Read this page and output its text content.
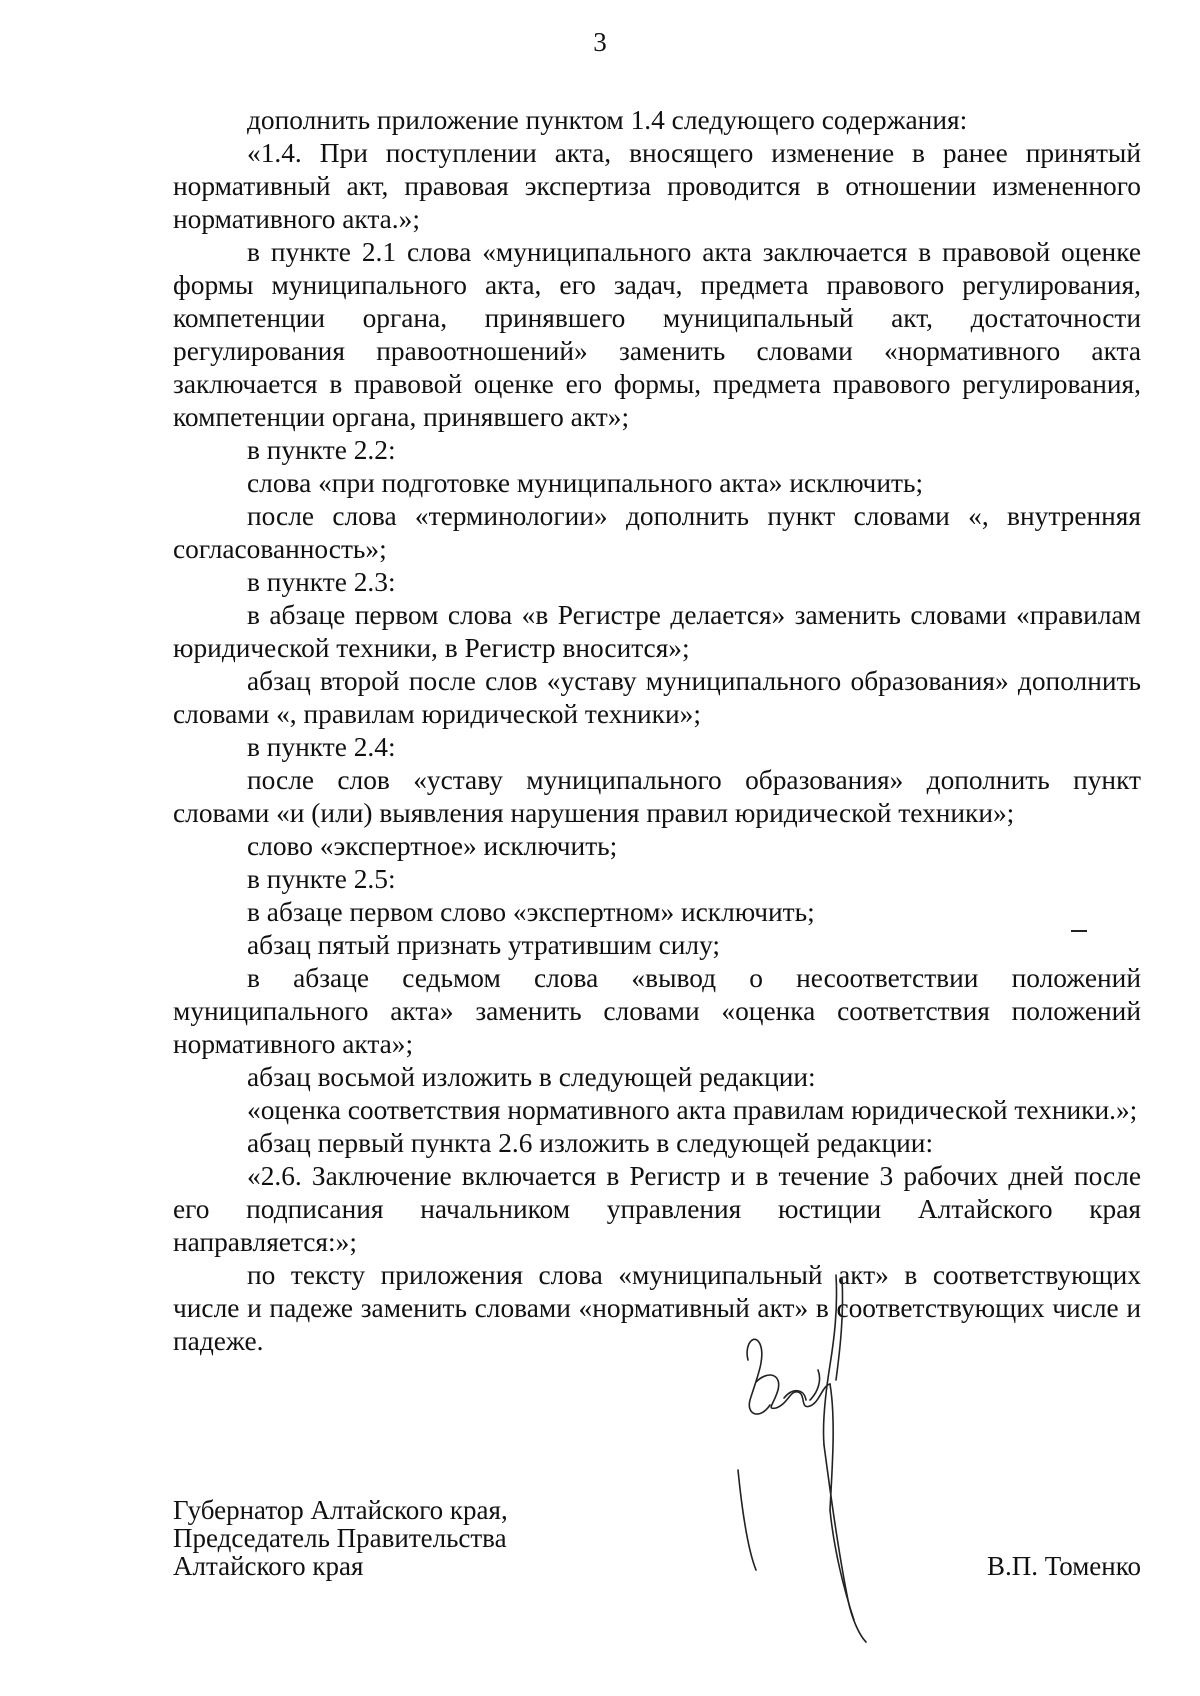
3

дополнить приложение пунктом 1.4 следующего содержания:

«1.4. При поступлении акта, вносящего изменение в ранее принятый нормативный акт, правовая экспертиза проводится в отношении измененного нормативного акта.»;

в пункте 2.1 слова «муниципального акта заключается в правовой оценке формы муниципального акта, его задач, предмета правового регулирования, компетенции органа, принявшего муниципальный акт, достаточности регулирования правоотношений» заменить словами «нормативного акта заключается в правовой оценке его формы, предмета правового регулирования, компетенции органа, принявшего акт»;

в пункте 2.2:

слова «при подготовке муниципального акта» исключить;

после слова «терминологии» дополнить пункт словами «, внутренняя согласованность»;

в пункте 2.3:

в абзаце первом слова «в Регистре делается» заменить словами «правилам юридической техники, в Регистр вносится»;

абзац второй после слов «уставу муниципального образования» дополнить словами «, правилам юридической техники»;

в пункте 2.4:

после слов «уставу муниципального образования» дополнить пункт словами «и (или) выявления нарушения правил юридической техники»;

слово «экспертное» исключить;

в пункте 2.5:

в абзаце первом слово «экспертном» исключить;

абзац пятый признать утратившим силу;

в абзаце седьмом слова «вывод о несоответствии положений муниципального акта» заменить словами «оценка соответствия положений нормативного акта»;

абзац восьмой изложить в следующей редакции:

«оценка соответствия нормативного акта правилам юридической техники.»;

абзац первый пункта 2.6 изложить в следующей редакции:

«2.6. Заключение включается в Регистр и в течение 3 рабочих дней после его подписания начальником управления юстиции Алтайского края направляется:»;

по тексту приложения слова «муниципальный акт» в соответствующих числе и падеже заменить словами «нормативный акт» в соответствующих числе и падеже.

Губернатор Алтайского края,
Председатель Правительства
Алтайского края	В.П. Томенко
